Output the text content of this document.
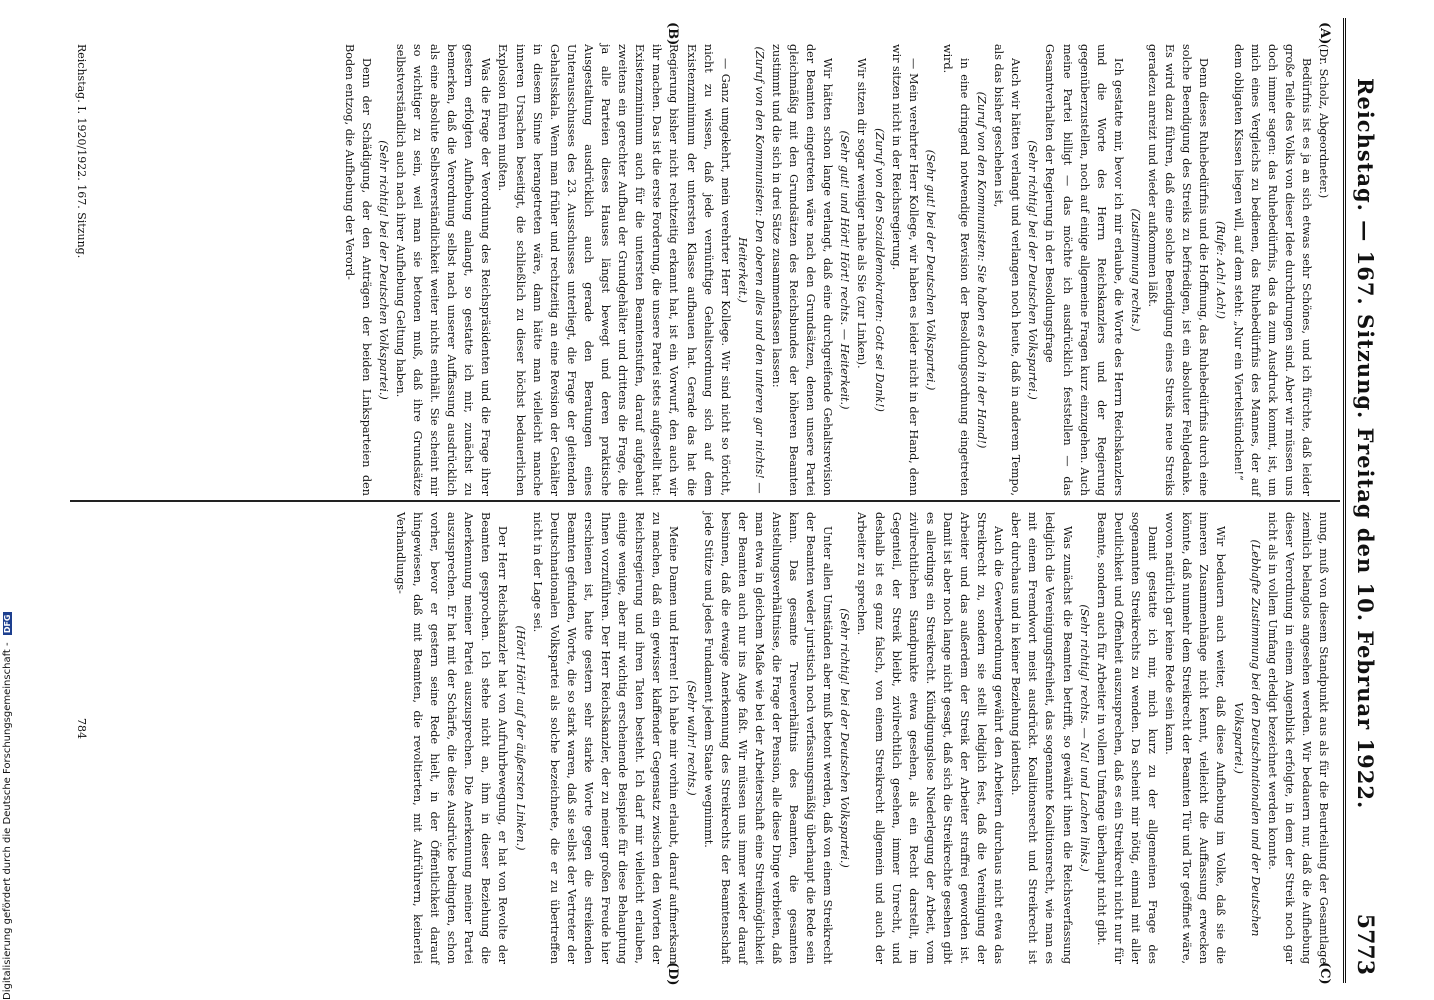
Digitalisierung gefördert durch die Deutsche Forschungsgemeinschaft - DFG	Reichstag. — 167. Sitzung. Freitag den 10. Februar 1922.
5773
(A)
(B)
(C)
(D)

(Dr. Scholz, Abgeordneter.)

Bedürfnis ist es ja an sich etwas sehr Schönes, und ich fürchte, daß leider große Teile des Volks von dieser Idee durchdrungen sind. Aber wir müssen uns doch immer sagen: das Ruhebedürfnis, das da zum Ausdruck kommt, ist, um mich eines Vergleichs zu bedienen, das Ruhebedürfnis des Mannes, der auf dem obligaten Kissen liegen will, auf dem steht: „Nur ein Viertelstündchen!“

(Rufe: Ach! Ach!)

Denn dieses Ruhebedürfnis und die Hoffnung, das Ruhebedürfnis durch eine solche Beendigung des Streiks zu befriedigen, ist ein absoluter Fehlgedanke. Es wird dazu führen, daß eine solche Beendigung eines Streiks neue Streiks geradezu anreizt und wieder aufkommen läßt.

(Zustimmung rechts.)

Ich gestatte mir, bevor ich mir erlaube, die Worte des Herrn Reichskanzlers und die Worte des Herrn Reichskanzlers und der Regierung gegenüberzustellen, noch auf einige allgemeine Fragen kurz einzugehen. Auch meine Partei billigt — das möchte ich ausdrücklich feststellen — das Gesamtverhalten der Regierung in der Besoldungsfrage

(Sehr richtig! bei der Deutschen Volkspartei.)

Auch wir hätten verlangt und verlangen noch heute, daß in anderem Tempo, als das bisher geschehen ist,

(Zuruf von den Kommunisten: Sie haben es doch in der Hand!)

in eine dringend notwendige Revision der Besoldungsordnung eingetreten wird.

(Sehr gut! bei der Deutschen Volkspartei.)

— Mein verehrter Herr Kollege, wir haben es leider nicht in der Hand, denn wir sitzen nicht in der Reichsregierung.

(Zuruf von den Sozialdemokraten: Gott sei Dank!)

Wir sitzen dir sogar weniger nahe als Sie (zur Linken).

(Sehr gut! und Hört! Hört! rechts. — Heiterkeit.)

Wir hätten schon lange verlangt, daß eine durchgreifende Gehaltsrevision der Beamten eingetreten wäre nach den Grundsätzen, denen unsere Partei gleichmäßig mit den Grundsätzen des Reichsbundes der höheren Beamten zustimmt und die sich in drei Sätze zusammenfassen lassen:

(Zuruf von den Kommunisten: Den oberen alles und den unteren gar nichts! — Heiterkeit.)

— Ganz umgekehrt, mein verehrter Herr Kollege. Wir sind nicht so töricht, nicht zu wissen, daß jede vernünftige Gehaltsordnung sich auf dem Existenzminimum der untersten Klasse aufbauen hat. Gerade das hat die Regierung bisher nicht rechtzeitig erkannt hat, ist ein Vorwurf, den auch wir ihr machen. Das ist die erste Forderung, die unsere Partei stets aufgestellt hat: Existenzminimum auch für die untersten Beamtenstufen, darauf aufgebaut zweitens ein gerechter Aufbau der Grundgehälter und drittens die Frage, die ja alle Parteien dieses Hauses längst bewegt und deren praktische Ausgestaltung ausdrücklich auch gerade den Beratungen eines Unterausschusses des 23. Ausschusses unterliegt, die Frage der gleitenden Gehaltsskala. Wenn man früher und rechtzeitig an eine Revision der Gehälter in diesem Sinne herangetreten wäre, dann hätte man vielleicht manche inneren Ursachen beseitigt, die schließlich zu dieser höchst bedauerlichen Explosion führen mußten.

Was die Frage der Verordnung des Reichspräsidenten und die Frage ihrer gestern erfolgten Aufhebung anlangt, so gestatte ich mir, zunächst zu bemerken, daß die Verordnung selbst nach unserer Auffassung ausdrücklich als eine absolute Selbstverständlichkeit weiter nichts enthält. Sie scheint mir so wichtiger zu sein, weil man sie betonen muß, daß ihre Grundsätze selbstverständlich auch nach ihrer Aufhebung Geltung haben.

(Sehr richtig! bei der Deutschen Volkspartei.)

Denn der Schädigung, der den Anträgen der beiden Linksparteien den Boden entzog, die Aufhebung der Verord-

nung, muß von diesem Standpunkt aus als für die Beurteilung der Gesamtlage ziemlich belanglos angesehen werden. Wir bedauern nur, daß die Aufhebung dieser Verordnung in einem Augenblick erfolgte, in dem der Streik noch gar nicht als in vollem Umfang erledigt bezeichnet werden konnte.

(Lebhafte Zustimmung bei den Deutschnationalen und der Deutschen Volkspartei.)

Wir bedauern auch weiter, daß diese Aufhebung im Volke, daß sie die inneren Zusammenhänge nicht kennt, vielleicht die Auffassung erwecken könnte, daß nunmehr dem Streikrecht der Beamten Tür und Tor geöffnet wäre, wovon natürlich gar keine Rede sein kann.

Damit gestatte ich mir, mich kurz zu der allgemeinen Frage des sogenannten Streikrechts zu wenden. Da scheint mir nötig, einmal mit aller Deutlichkeit und Offenheit auszusprechen, daß es ein Streikrecht nicht nur für Beamte, sondern auch für Arbeiter in vollem Umfange überhaupt nicht gibt.

(Sehr richtig! rechts. — Na! und Lachen links.)

Was zunächst die Beamten betrifft, so gewährt ihnen die Reichsverfassung lediglich die Vereinigungsfreiheit, das sogenannte Koalitionsrecht, wie man es mit einem Fremdwort meist ausdrückt. Koalitionsrecht und Streikrecht ist aber durchaus und in keiner Beziehung identisch.

Auch die Gewerbeordnung gewährt den Arbeitern durchaus nicht etwa das Streikrecht zu, sondern sie stellt lediglich fest, daß die Vereinigung der Arbeiter und das außerdem der Streik der Arbeiter straffrei geworden ist. Damit ist aber noch lange nicht gesagt, daß sich die Streikrechte gesehen gibt es allerdings ein Streikrecht. Kündigungslose Niederlegung der Arbeit, vom zivilrechtlichen Standpunkte etwa gesehen, als ein Recht darstellt, im Gegenteil, der Streik bleibt, zivilrechtlich gesehen, immer Unrecht, und deshalb ist es ganz falsch, von einem Streikrecht allgemein und auch der Arbeiter zu sprechen.

(Sehr richtig! bei der Deutschen Volkspartei.)

Unter allen Umständen aber muß betont werden, daß von einem Streikrecht der Beamten weder juristisch noch verfassungsmäßig überhaupt die Rede sein kann. Das gesamte Treueverhältnis des Beamten, die gesamten Anstellungsverhältnisse, die Frage der Pension, alle diese Dinge verbieten, daß man etwa in gleichem Maße wie bei der Arbeiterschaft eine Streikmöglichkeit der Beamten auch nur ins Auge faßt. Wir müssen uns immer wieder darauf besinnen, daß die etwaige Anerkennung des Streikrechts der Beamtenschaft jede Stütze und jedes Fundament jedem Staate wegnimmt.

(Sehr wahr! rechts.)

Meine Damen und Herren! Ich habe mir vorhin erlaubt, darauf aufmerksam zu machen, daß ein gewisser klaffender Gegensatz zwischen den Worten der Reichsregierung und ihren Taten besteht. Ich darf mir vielleicht erlauben, einige wenige, aber mir wichtig erscheinende Beispiele für diese Behauptung Ihnen vorzuführen. Der Herr Reichskanzler, der zu meiner großen Freude hier erschienen ist, hatte gestern sehr starke Worte gegen die streikenden Beamten gefunden, Worte, die so stark waren, daß sie selbst der Vertreter der Deutschnationalen Volkspartei als solche bezeichnete, die er zu übertreffen nicht in der Lage sei.

(Hört! Hört! auf der äußersten Linken.)

Der Herr Reichskanzler hat von Aufruhrbewegung, er hat von Revolte der Beamten gesprochen. Ich stehe nicht an, ihm in dieser Beziehung die Anerkennung meiner Partei auszusprechen. Die Anerkennung meiner Partei auszusprechen. Er hat mit der Schärfe, die diese Ausdrücke bedingten, schon vorher, bevor er gestern seine Rede hielt, in der Öffentlichkeit darauf hingewiesen, daß mit Beamten, die revoltierten, mit Aufrührern, keinerlei Verhandlungs-

Reichstag. I. 1920/1922. 167. Sitzung.
784
